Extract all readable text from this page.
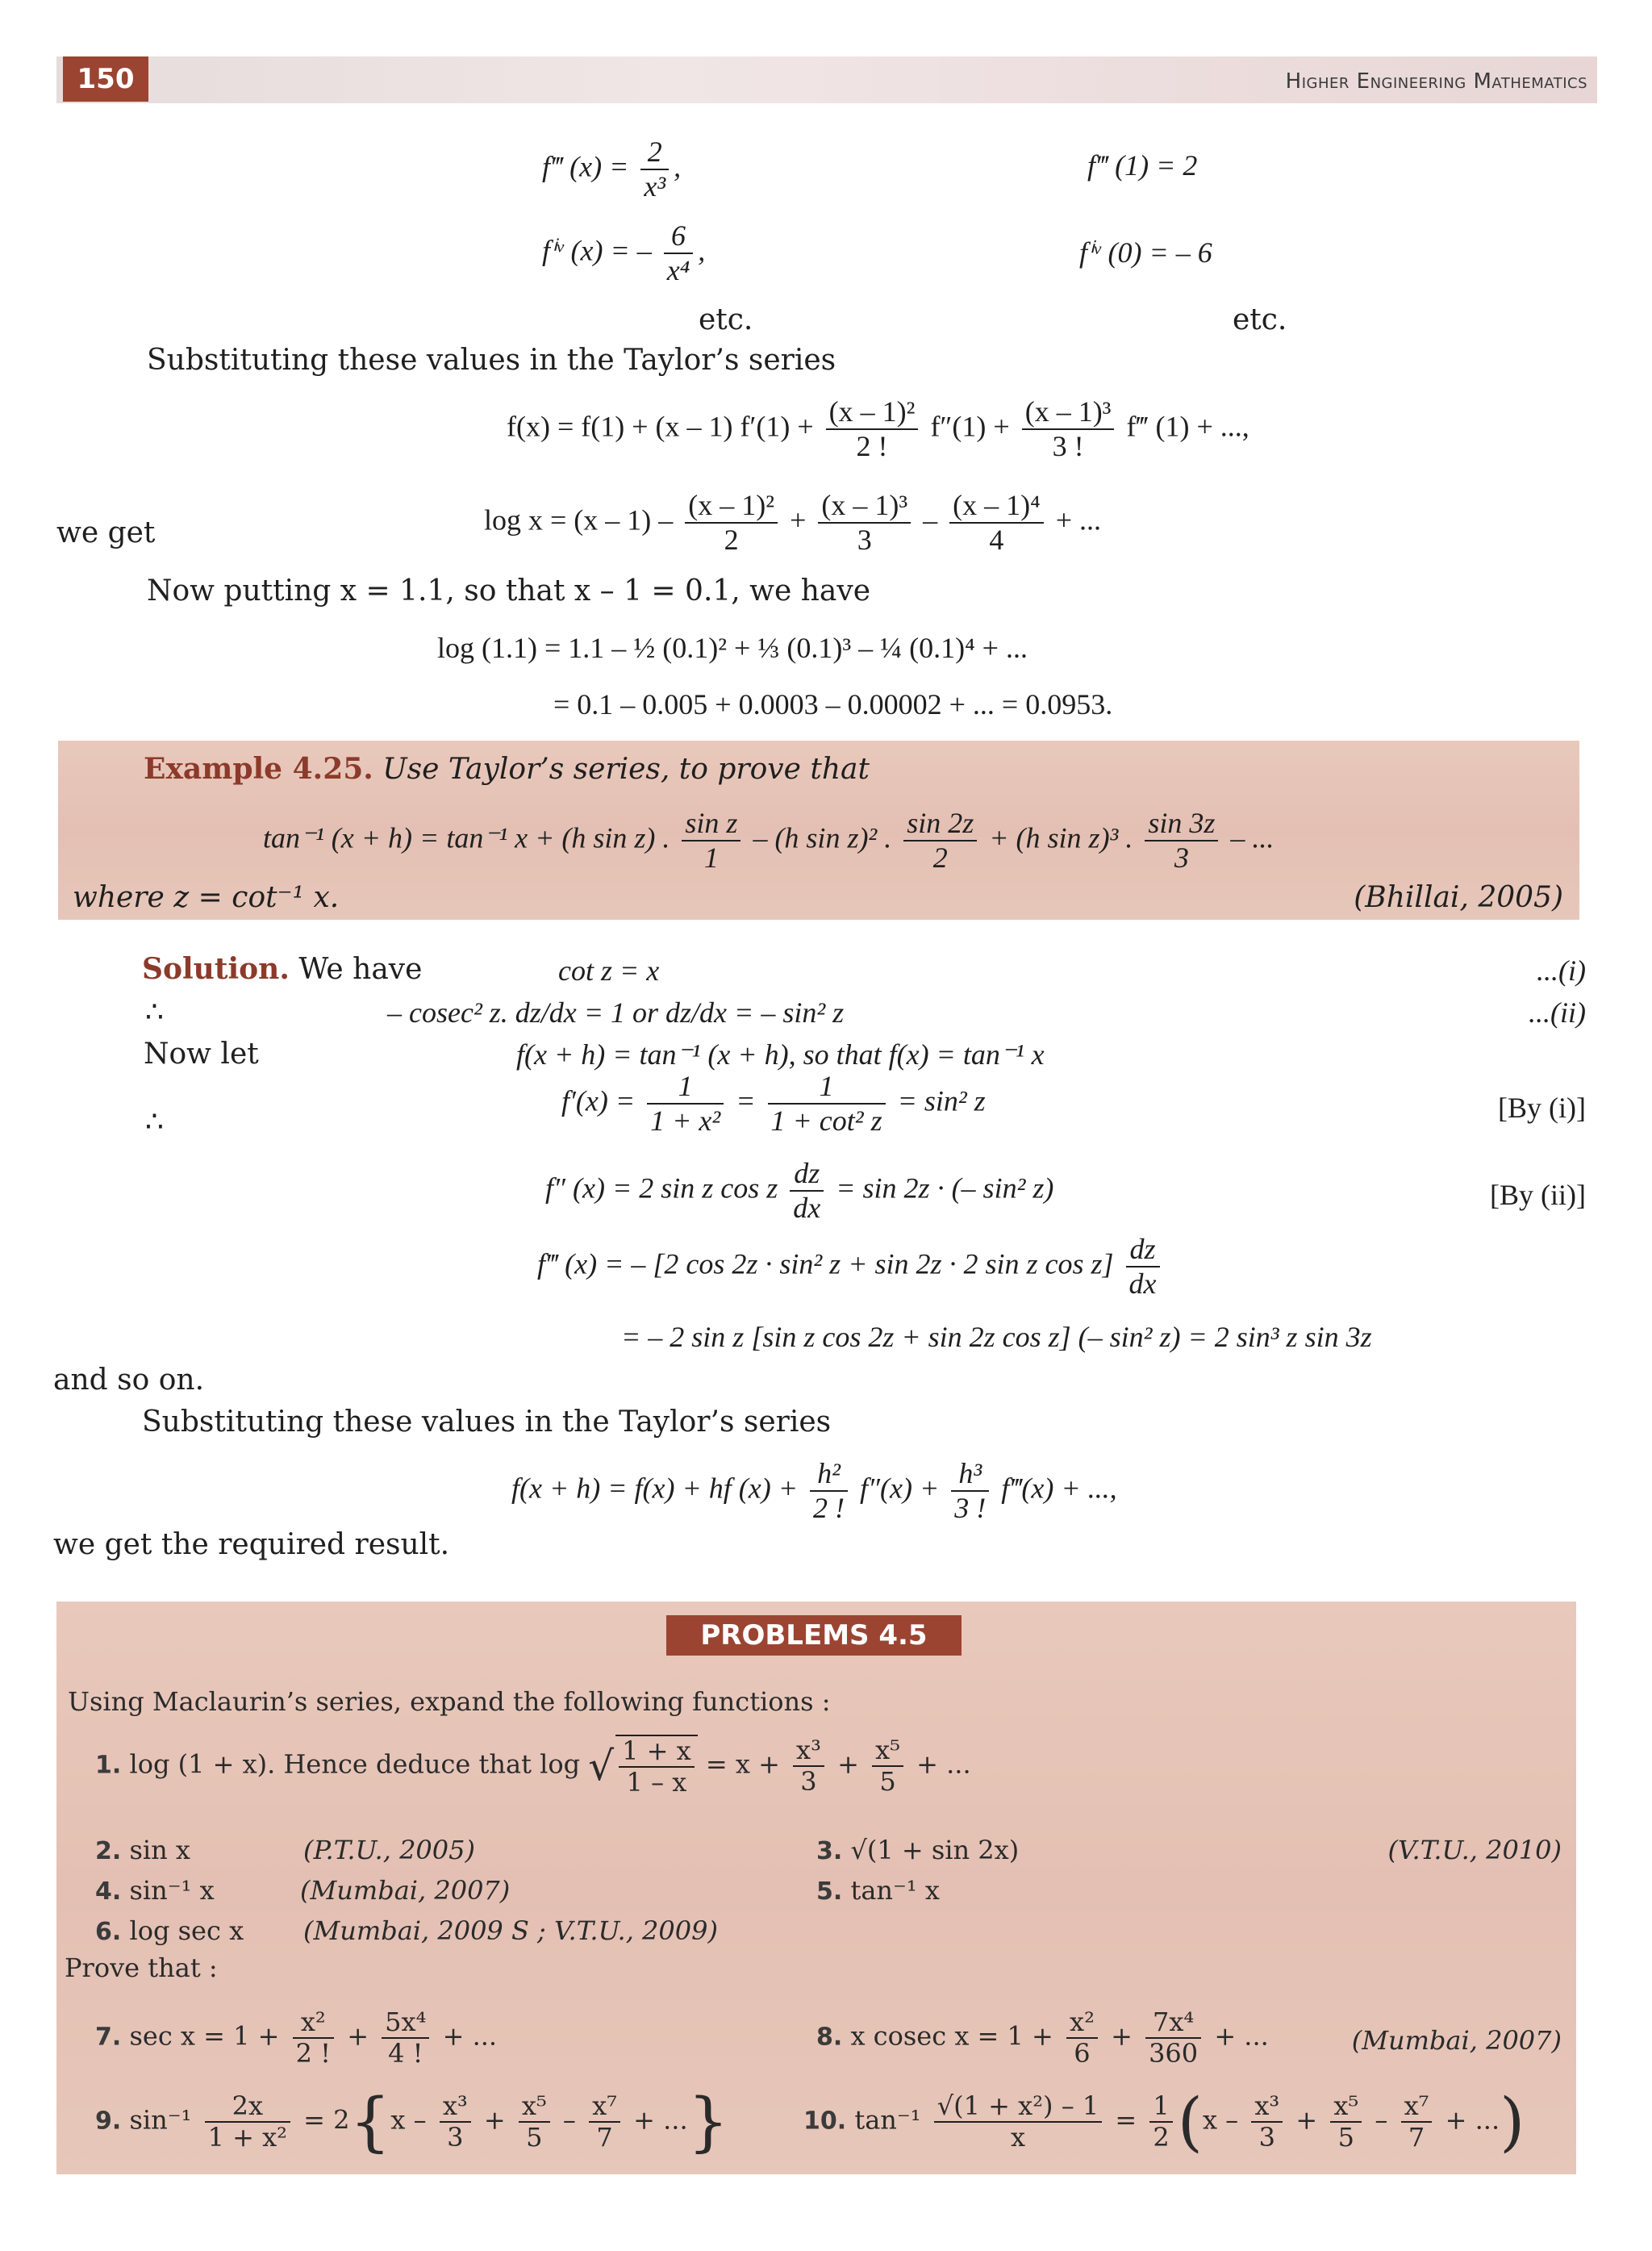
150	Higher Engineering Mathematics
f‴ $(x) = \frac{2}{\text{x³}}$ ,	f‴ (1) = 2
fⁱᵛ (x) = – $\frac{6}{\text{x⁴}}$ ,	fⁱᵛ (0) = – 6
etc.	etc.
Substituting these values in the Taylor’s series
f(x) = f(1) + (x – 1) $f'(1) + \frac{\text{(x – 1)²}}{2 !} f''(1) + \frac{\text{(x – 1)³}}{3 !}$ f‴ (1) + ...,
we get	$\log x = (x - 1) - \frac{\text{(x – 1)²}}{2} + \frac{\text{(x – 1)³}}{3} - \frac{\text{(x – 1)⁴}}{4}$ + ...
Now putting x = 1.1, so that x – 1 = 0.1, we have
log (1.1) = 1.1 – ½ (0.1)² + ⅓ (0.1)³ – ¼ (0.1)⁴ + ...
= 0.1 – 0.005 + 0.0003 – 0.00002 + ... = 0.0953.
Example 4.25. Use Taylor’s series, to prove that
tan⁻¹ (x + h) = tan⁻¹ x + (h sin z) . $\frac{\text{sin z}}{1} - (h$ sin z)² . $\frac{\sin 2z}{2} + (h$ sin z)³ . $\frac{\sin 3z}{3}$ – ...
where z = cot⁻¹ x.	(Bhillai, 2005)
Solution. We have	cot z = x	...(i)
∴	– cosec² z. dz/dx = 1 or dz/dx = – sin² z	...(ii)
Now let	f(x + h) = tan⁻¹ (x + h), so that f(x) = tan⁻¹ x
∴
$f'(x) = \frac{1}{\text{1 + x²}} = \frac{1}{\text{1 + cot² z}} = \sin^2$ z	[By (i)]
f″ (x) = 2 sin z cos z $\frac{dz}{dx} = \sin 2z$ · (– sin² z)	[By (ii)]
f‴ (x) = – [2 cos 2z · sin² z + sin 2z · 2 sin z $\cos z] \frac{dz}{dx}$
= – 2 sin z [sin z cos 2z + sin 2z cos z] (– sin² z) = 2 sin³ z sin 3z
and so on.
Substituting these values in the Taylor’s series
f(x + h) = f(x) + hf $(x) + \frac{\text{h²}}{2 !} f''(x) + \frac{\text{h³}}{3 !}$ f‴(x) + ...,
we get the required result.
PROBLEMS 4.5
Using Maclaurin’s series, expand the following functions :
1. log (1 + x). Hence deduce that log √ $\frac{1 + x}{1 - x} = x + \frac{\text{x³}}{3} + \frac{\text{x⁵}}{5}$ + ...
2. sin x	(P.T.U., 2005)	3. √(1 + sin 2x)	(V.T.U., 2010)
4. sin⁻¹ x	(Mumbai, 2007)	5. tan⁻¹ x
6. log sec x (Mumbai, 2009 S ; V.T.U., 2009)
Prove that :
7. $\sec x = 1 + \frac{\text{x²}}{2 !} + \frac{\text{5x⁴}}{4 !}$ + ...	8. x cosec $x = 1 + \frac{\text{x²}}{6} + \frac{\text{7x⁴}}{360}$ + ...	(Mumbai, 2007)
9. $\sin^{-1} \frac{2x}{\text{1 + x²}} = 2\{x - \frac{\text{x³}}{3} + \frac{\text{x⁵}}{5} - \frac{\text{x⁷}}{7}$ + ...}	10. $\tan^{-1} \frac{\text{√(1 + x²) – 1}}{x} = \frac{1}{2} (x - \frac{\text{x³}}{3} + \frac{\text{x⁵}}{5} - \frac{\text{x⁷}}{7}$ + ...)
